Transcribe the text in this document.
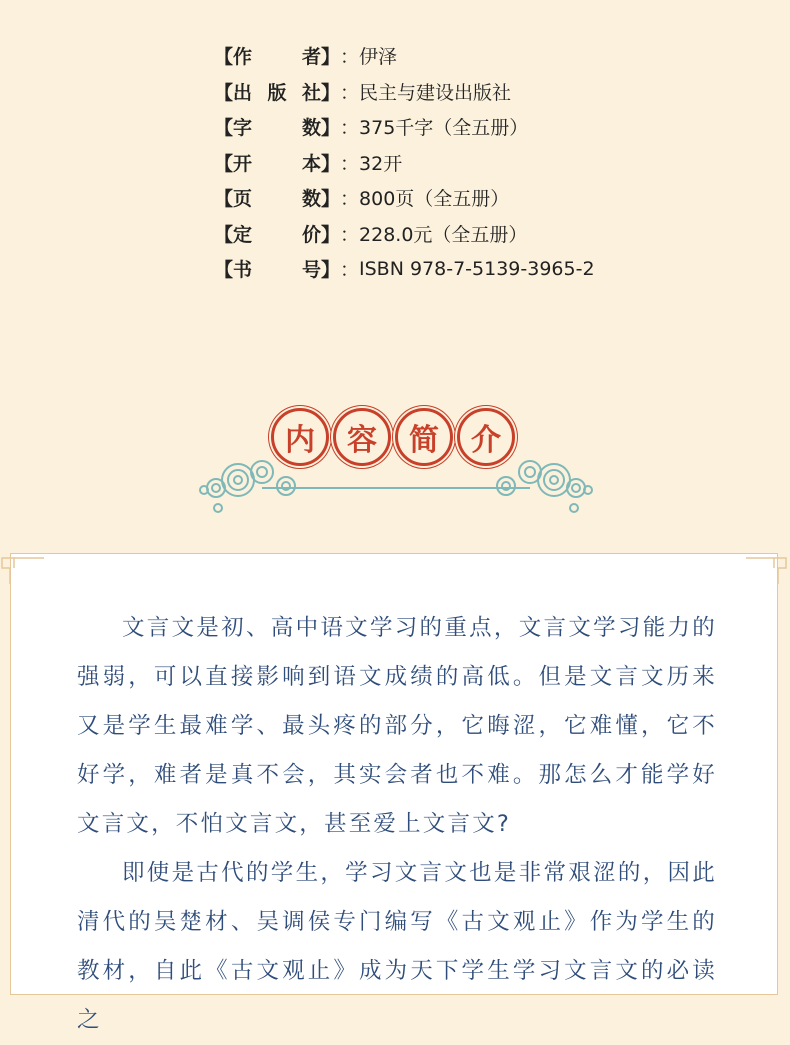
【作	者】 ： 伊泽
【出 版 社】 ： 民主与建设出版社
【字	数】 ： 375千字（全五册）
【开	本】 ： 32开
【页	数】 ： 800页（全五册）
【定	价】 ： 228.0元（全五册）
【书	号】 ： ISBN 978-7-5139-3965-2
内	容	简	介

文言文是初、高中语文学习的重点，文言文学习能力的强弱，可以直接影响到语文成绩的高低。但是文言文历来又是学生最难学、最头疼的部分，它晦涩，它难懂，它不好学，难者是真不会，其实会者也不难。那怎么才能学好文言文，不怕文言文，甚至爱上文言文?

即使是古代的学生，学习文言文也是非常艰涩的，因此清代的吴楚材、吴调侯专门编写《古文观止》作为学生的教材，自此《古文观止》成为天下学生学习文言文的必读之
